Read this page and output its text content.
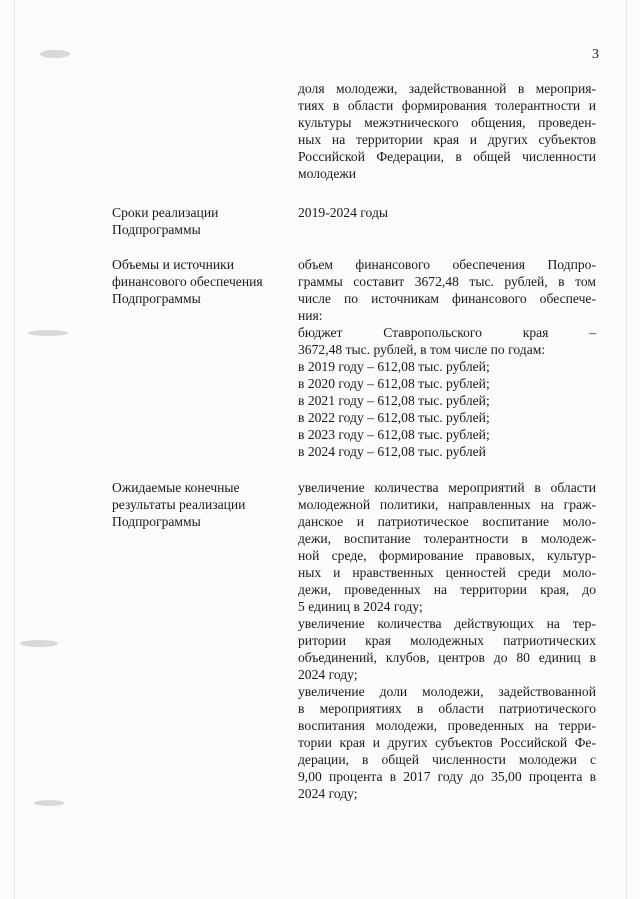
3
доля молодежи, задействованной в мероприя-
тиях в области формирования толерантности и
культуры межэтнического общения, проведен-
ных на территории края и других субъектов
Российской Федерации, в общей численности
молодежи
Сроки реализации
Подпрограммы
2019-2024 годы
Объемы и источники
финансового обеспечения
Подпрограммы
объем финансового обеспечения Подпро-
граммы составит 3672,48 тыс. рублей, в том
числе по источникам финансового обеспече-
ния:
бюджет Ставропольского края –
3672,48 тыс. рублей, в том числе по годам:
в 2019 году – 612,08 тыс. рублей;
в 2020 году – 612,08 тыс. рублей;
в 2021 году – 612,08 тыс. рублей;
в 2022 году – 612,08 тыс. рублей;
в 2023 году – 612,08 тыс. рублей;
в 2024 году – 612,08 тыс. рублей
Ожидаемые конечные
результаты реализации
Подпрограммы
увеличение количества мероприятий в области
молодежной политики, направленных на граж-
данское и патриотическое воспитание моло-
дежи, воспитание толерантности в молодеж-
ной среде, формирование правовых, культур-
ных и нравственных ценностей среди моло-
дежи, проведенных на территории края, до
5 единиц в 2024 году;
увеличение количества действующих на тер-
ритории края молодежных патриотических
объединений, клубов, центров до 80 единиц в
2024 году;
увеличение доли молодежи, задействованной
в мероприятиях в области патриотического
воспитания молодежи, проведенных на терри-
тории края и других субъектов Российской Фе-
дерации, в общей численности молодежи с
9,00 процента в 2017 году до 35,00 процента в
2024 году;
